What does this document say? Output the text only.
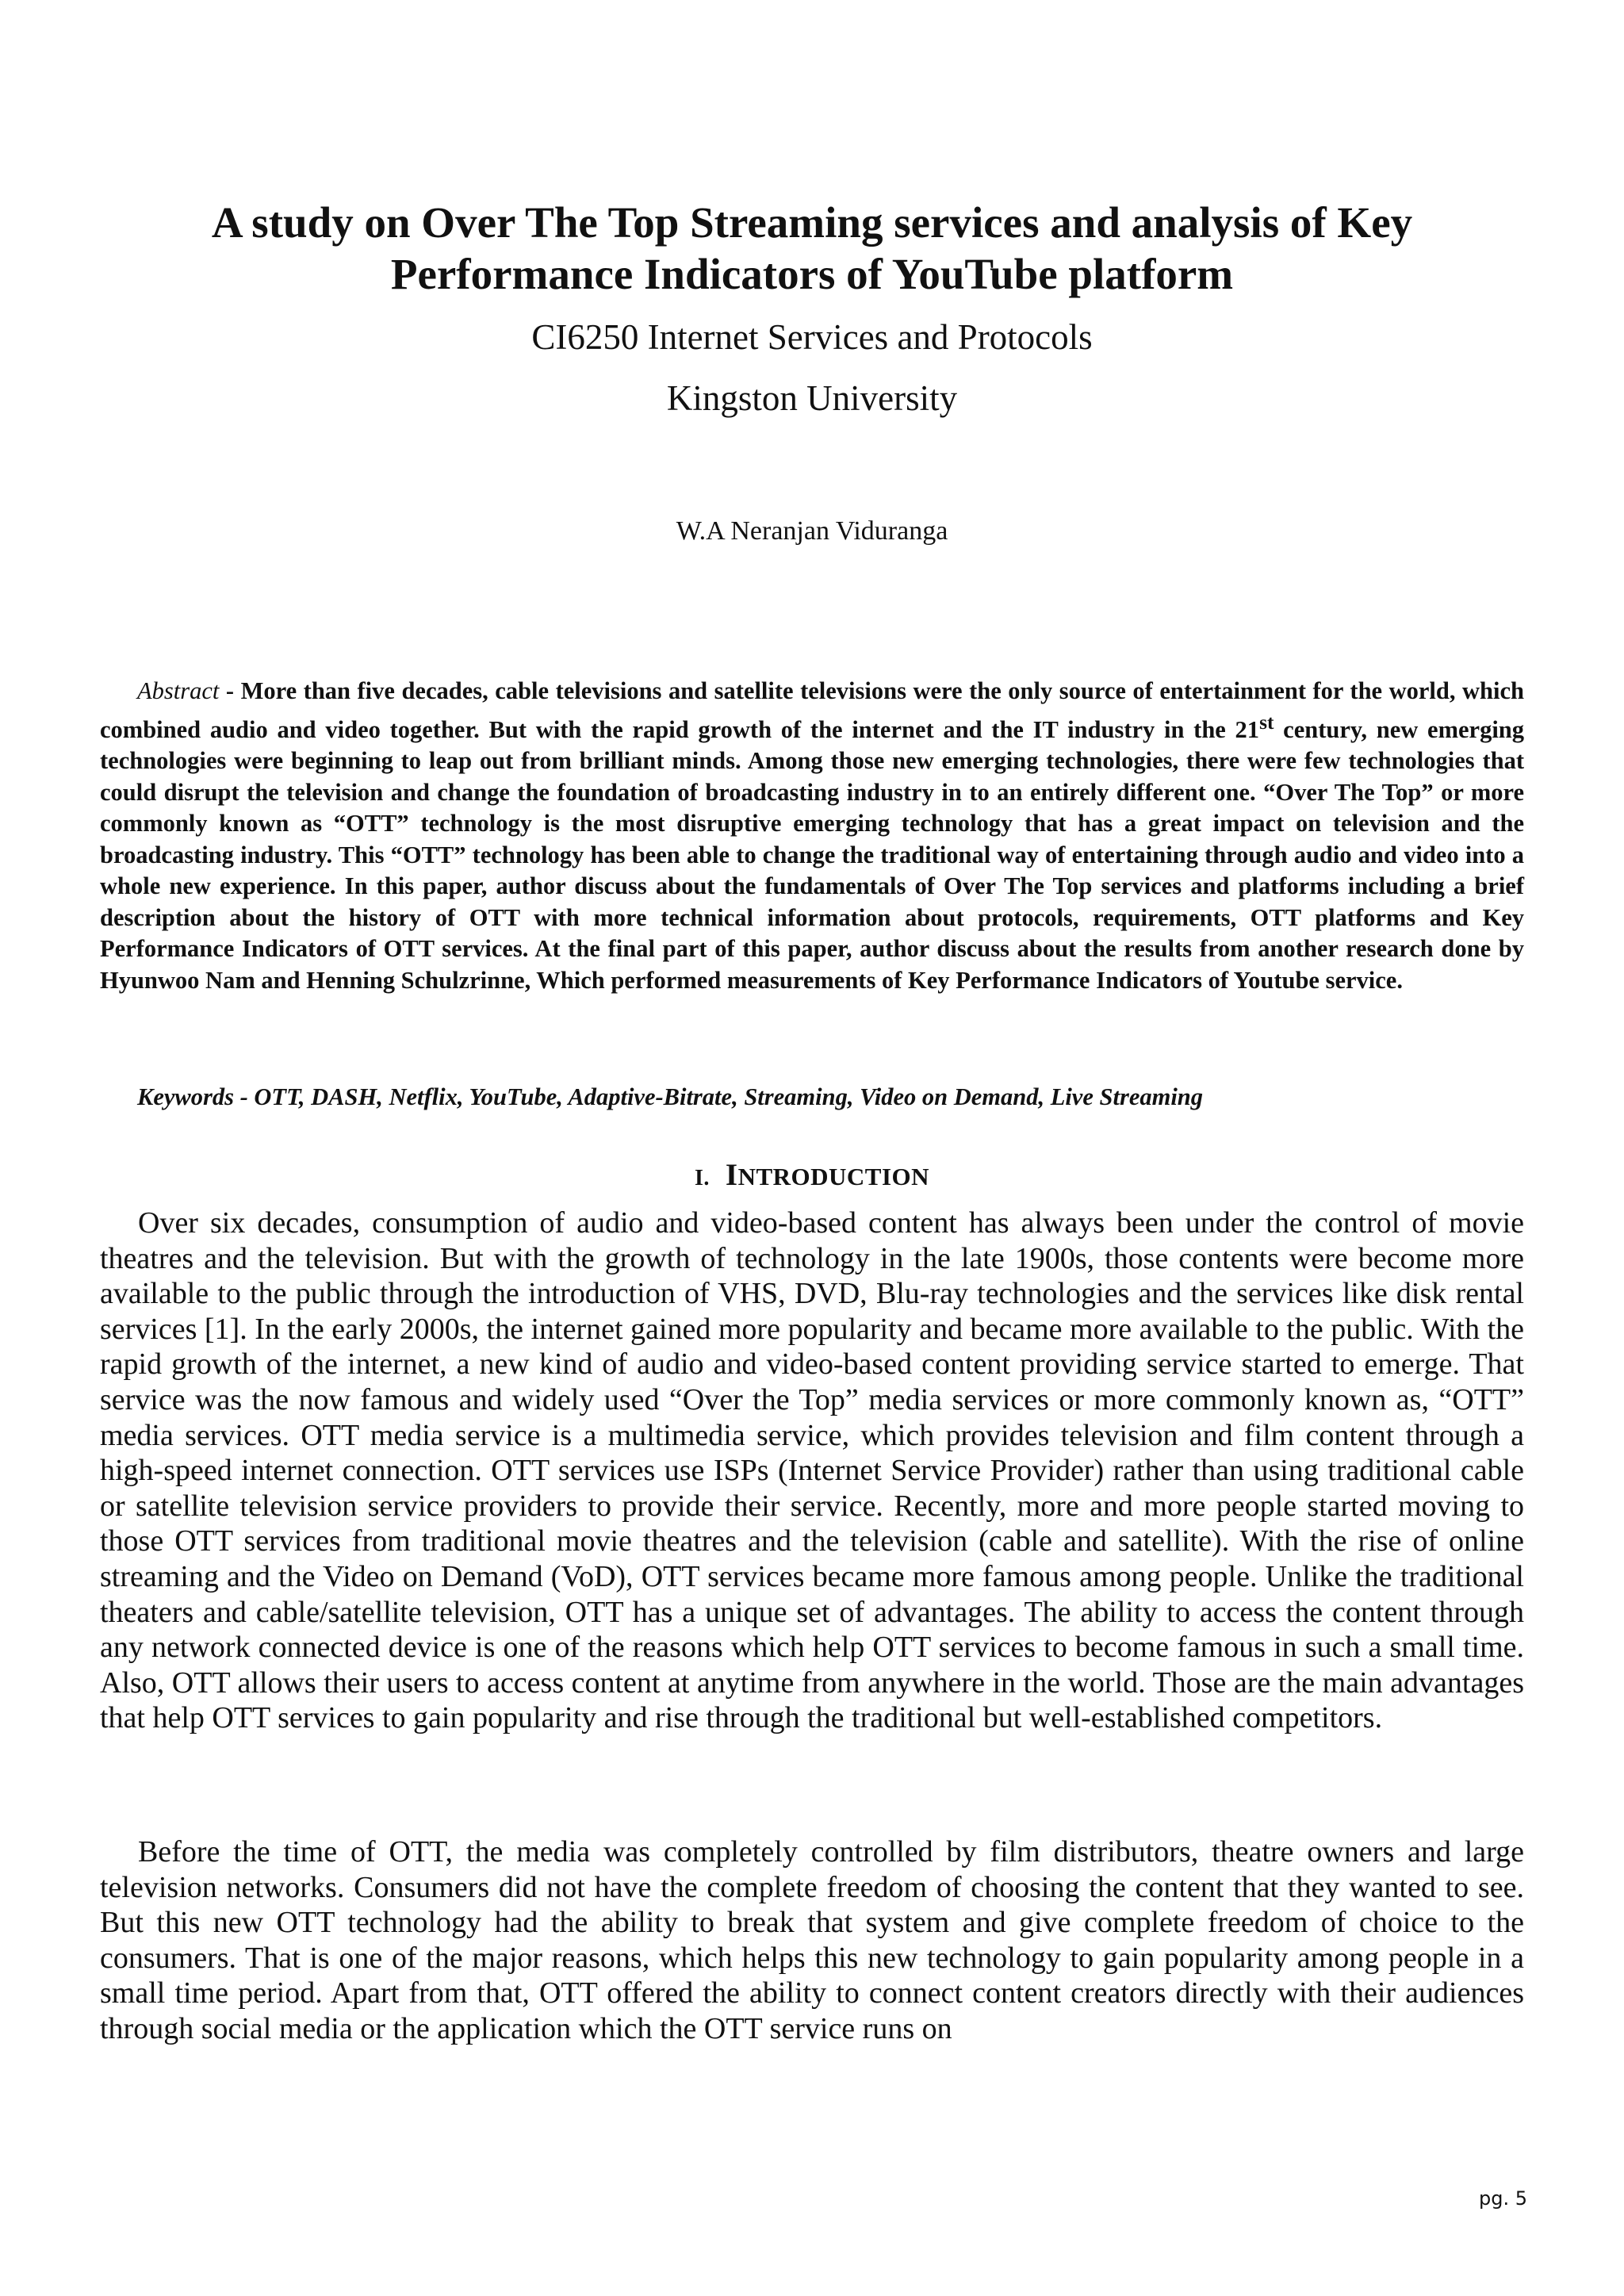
A study on Over The Top Streaming services and analysis of Key Performance Indicators of YouTube platform

CI6250 Internet Services and Protocols

Kingston University

W.A Neranjan Viduranga

Abstract - More than five decades, cable televisions and satellite televisions were the only source of entertainment for the world, which combined audio and video together. But with the rapid growth of the internet and the IT industry in the 21st century, new emerging technologies were beginning to leap out from brilliant minds. Among those new emerging technologies, there were few technologies that could disrupt the television and change the foundation of broadcasting industry in to an entirely different one. “Over The Top” or more commonly known as “OTT” technology is the most disruptive emerging technology that has a great impact on television and the broadcasting industry. This “OTT” technology has been able to change the traditional way of entertaining through audio and video into a whole new experience. In this paper, author discuss about the fundamentals of Over The Top services and platforms including a brief description about the history of OTT with more technical information about protocols, requirements, OTT platforms and Key Performance Indicators of OTT services. At the final part of this paper, author discuss about the results from another research done by Hyunwoo Nam and Henning Schulzrinne, Which performed measurements of Key Performance Indicators of Youtube service.

Keywords - OTT, DASH, Netflix, YouTube, Adaptive-Bitrate, Streaming, Video on Demand, Live Streaming

I. INTRODUCTION

Over six decades, consumption of audio and video-based content has always been under the control of movie theatres and the television. But with the growth of technology in the late 1900s, those contents were become more available to the public through the introduction of VHS, DVD, Blu-ray technologies and the services like disk rental services [1]. In the early 2000s, the internet gained more popularity and became more available to the public. With the rapid growth of the internet, a new kind of audio and video-based content providing service started to emerge. That service was the now famous and widely used “Over the Top” media services or more commonly known as, “OTT” media services. OTT media service is a multimedia service, which provides television and film content through a high-speed internet connection. OTT services use ISPs (Internet Service Provider) rather than using traditional cable or satellite television service providers to provide their service. Recently, more and more people started moving to those OTT services from traditional movie theatres and the television (cable and satellite). With the rise of online streaming and the Video on Demand (VoD), OTT services became more famous among people. Unlike the traditional theaters and cable/satellite television, OTT has a unique set of advantages. The ability to access the content through any network connected device is one of the reasons which help OTT services to become famous in such a small time. Also, OTT allows their users to access content at anytime from anywhere in the world. Those are the main advantages that help OTT services to gain popularity and rise through the traditional but well-established competitors.

Before the time of OTT, the media was completely controlled by film distributors, theatre owners and large television networks. Consumers did not have the complete freedom of choosing the content that they wanted to see. But this new OTT technology had the ability to break that system and give complete freedom of choice to the consumers. That is one of the major reasons, which helps this new technology to gain popularity among people in a small time period. Apart from that, OTT offered the ability to connect content creators directly with their audiences through social media or the application which the OTT service runs on

pg. 5
